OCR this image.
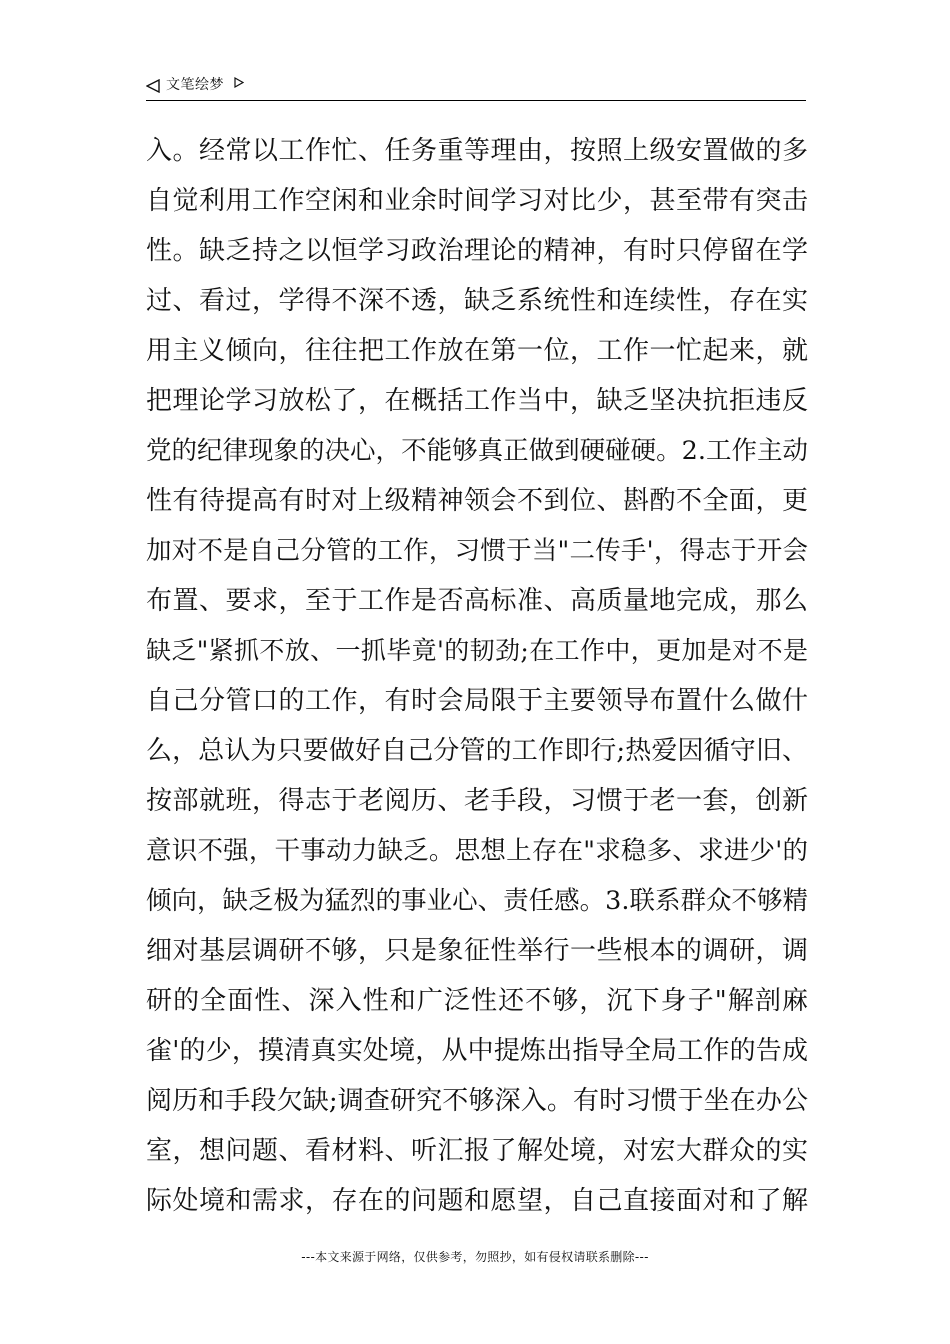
文笔绘梦
入。经常以工作忙、任务重等理由，按照上级安置做的多
自觉利用工作空闲和业余时间学习对比少，甚至带有突击
性。缺乏持之以恒学习政治理论的精神，有时只停留在学
过、看过，学得不深不透，缺乏系统性和连续性，存在实
用主义倾向，往往把工作放在第一位，工作一忙起来，就
把理论学习放松了，在概括工作当中，缺乏坚决抗拒违反
党的纪律现象的决心，不能够真正做到硬碰硬。2.工作主动
性有待提高有时对上级精神领会不到位、斟酌不全面，更
加对不是自己分管的工作，习惯于当"二传手'，得志于开会
布置、要求，至于工作是否高标准、高质量地完成，那么
缺乏"紧抓不放、一抓毕竟'的韧劲;在工作中，更加是对不是
自己分管口的工作，有时会局限于主要领导布置什么做什
么，总认为只要做好自己分管的工作即行;热爱因循守旧、
按部就班，得志于老阅历、老手段，习惯于老一套，创新
意识不强，干事动力缺乏。思想上存在"求稳多、求进少'的
倾向，缺乏极为猛烈的事业心、责任感。3.联系群众不够精
细对基层调研不够，只是象征性举行一些根本的调研，调
研的全面性、深入性和广泛性还不够，沉下身子"解剖麻
雀'的少，摸清真实处境，从中提炼出指导全局工作的告成
阅历和手段欠缺;调查研究不够深入。有时习惯于坐在办公
室，想问题、看材料、听汇报了解处境，对宏大群众的实
际处境和需求，存在的问题和愿望，自己直接面对和了解
---本文来源于网络，仅供参考，勿照抄，如有侵权请联系删除---
